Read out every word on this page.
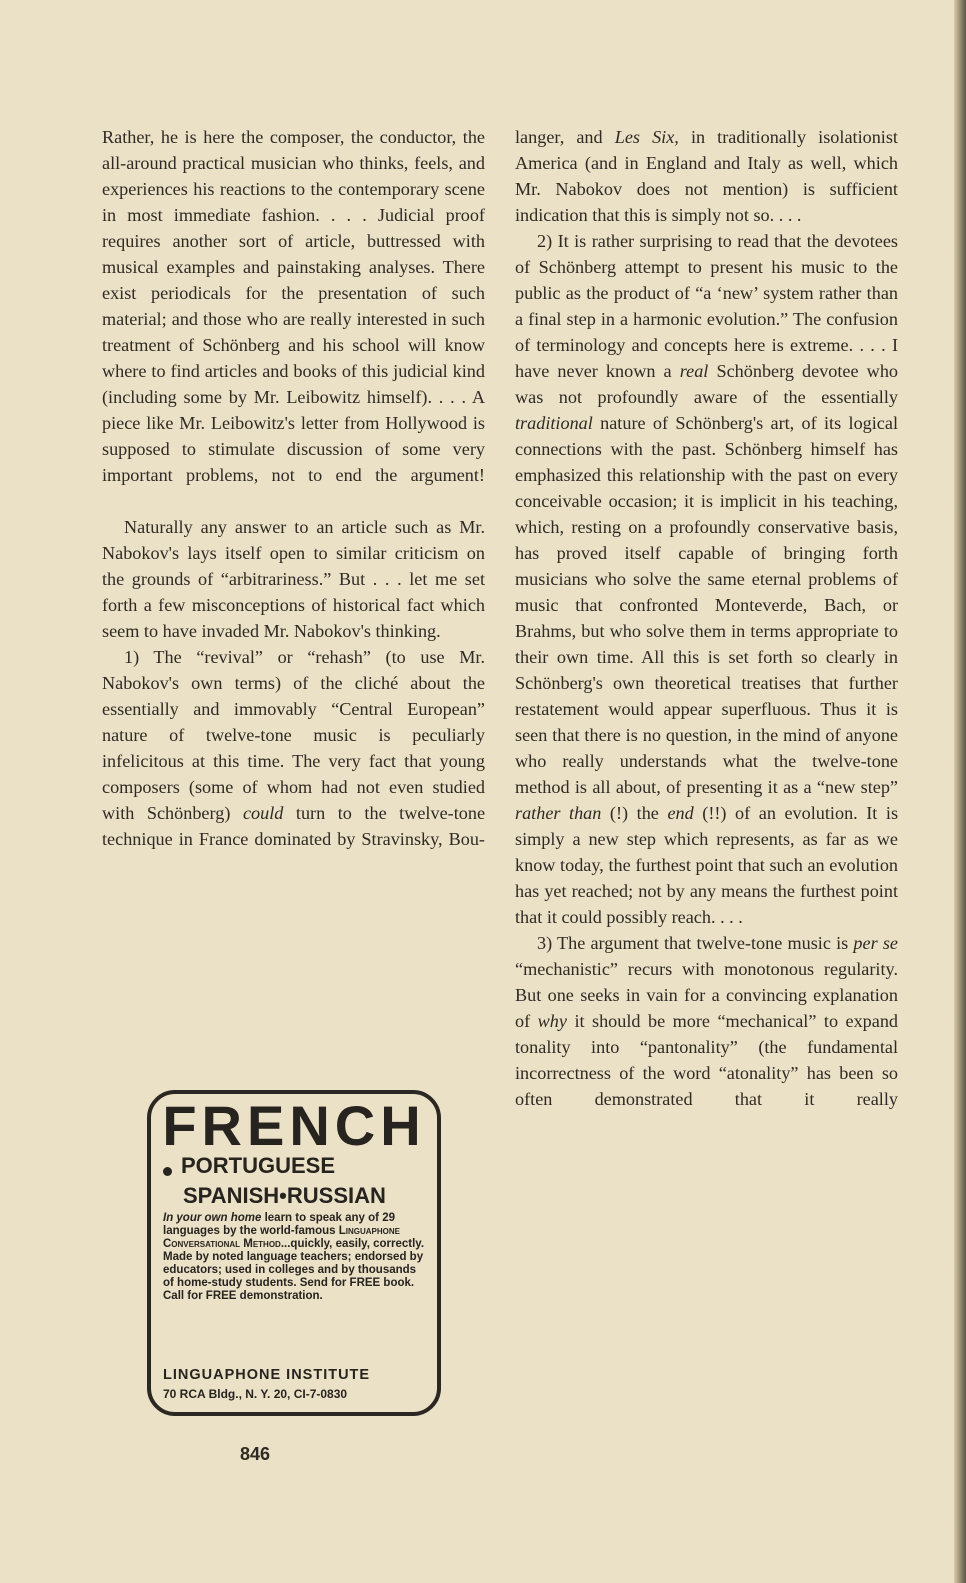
Rather, he is here the composer, the conductor, the all-around practical musician who thinks, feels, and experiences his reactions to the contemporary scene in most immediate fashion. . . . Judicial proof requires another sort of article, buttressed with musical examples and painstaking analyses. There exist periodicals for the presentation of such material; and those who are really interested in such treatment of Schönberg and his school will know where to find articles and books of this judicial kind (including some by Mr. Leibowitz himself). . . . A piece like Mr. Leibowitz's letter from Hollywood is supposed to stimulate discussion of some very important problems, not to end the argument!

Naturally any answer to an article such as Mr. Nabokov's lays itself open to similar criticism on the grounds of “arbitrariness.” But . . . let me set forth a few misconceptions of historical fact which seem to have invaded Mr. Nabokov's thinking.

1) The “revival” or “rehash” (to use Mr. Nabokov's own terms) of the cliché about the essentially and immovably “Central European” nature of twelve-tone music is peculiarly infelicitous at this time. The very fact that young composers (some of whom had not even studied with Schönberg) could turn to the twelve-tone technique in France dominated by Stravinsky, Bou-

langer, and Les Six, in traditionally isolationist America (and in England and Italy as well, which Mr. Nabokov does not mention) is sufficient indication that this is simply not so. . . .

2) It is rather surprising to read that the devotees of Schönberg attempt to present his music to the public as the product of “a ‘new’ system rather than a final step in a harmonic evolution.” The confusion of terminology and concepts here is extreme. . . . I have never known a real Schönberg devotee who was not profoundly aware of the essentially traditional nature of Schönberg's art, of its logical connections with the past. Schönberg himself has emphasized this relationship with the past on every conceivable occasion; it is implicit in his teaching, which, resting on a profoundly conservative basis, has proved itself capable of bringing forth musicians who solve the same eternal problems of music that confronted Monteverde, Bach, or Brahms, but who solve them in terms appropriate to their own time. All this is set forth so clearly in Schönberg's own theoretical treatises that further restatement would appear superfluous. Thus it is seen that there is no question, in the mind of anyone who really understands what the twelve-tone method is all about, of presenting it as a “new step” rather than (!) the end (!!) of an evolution. It is simply a new step which represents, as far as we know today, the furthest point that such an evolution has yet reached; not by any means the furthest point that it could possibly reach. . . .

3) The argument that twelve-tone music is per se “mechanistic” recurs with monotonous regularity. But one seeks in vain for a convincing explanation of why it should be more “mechanical” to expand tonality into “pantonality” (the fundamental incorrectness of the word “atonality” has been so often demonstrated that it really

FRENCH
PORTUGUESE
SPANISH•RUSSIAN
In your own home learn to speak any of 29 languages by the world-famous Linguaphone Conversational Method...quickly, easily, correctly. Made by noted language teachers; endorsed by educators; used in colleges and by thousands of home-study students. Send for FREE book. Call for FREE demonstration.
LINGUAPHONE INSTITUTE
70 RCA Bldg., N. Y. 20, CI-7-0830
846
